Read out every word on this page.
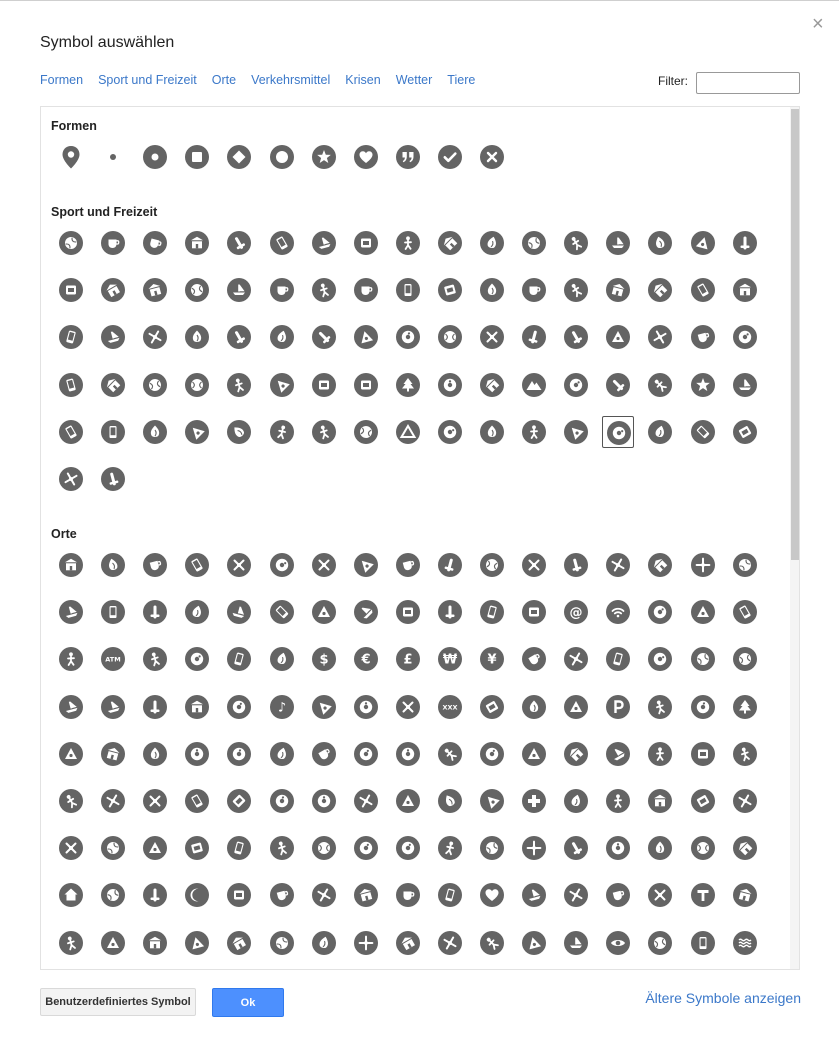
Symbol auswählen
×
Formen Sport und Freizeit Orte Verkehrsmittel Krisen Wetter Tiere	Filter:
Formen
Sport und Freizeit
Orte
@
ATM	$	€	£ ₩ ¥
♪	XXX
Benutzerdefiniertes Symbol	Ok	Ältere Symbole anzeigen
